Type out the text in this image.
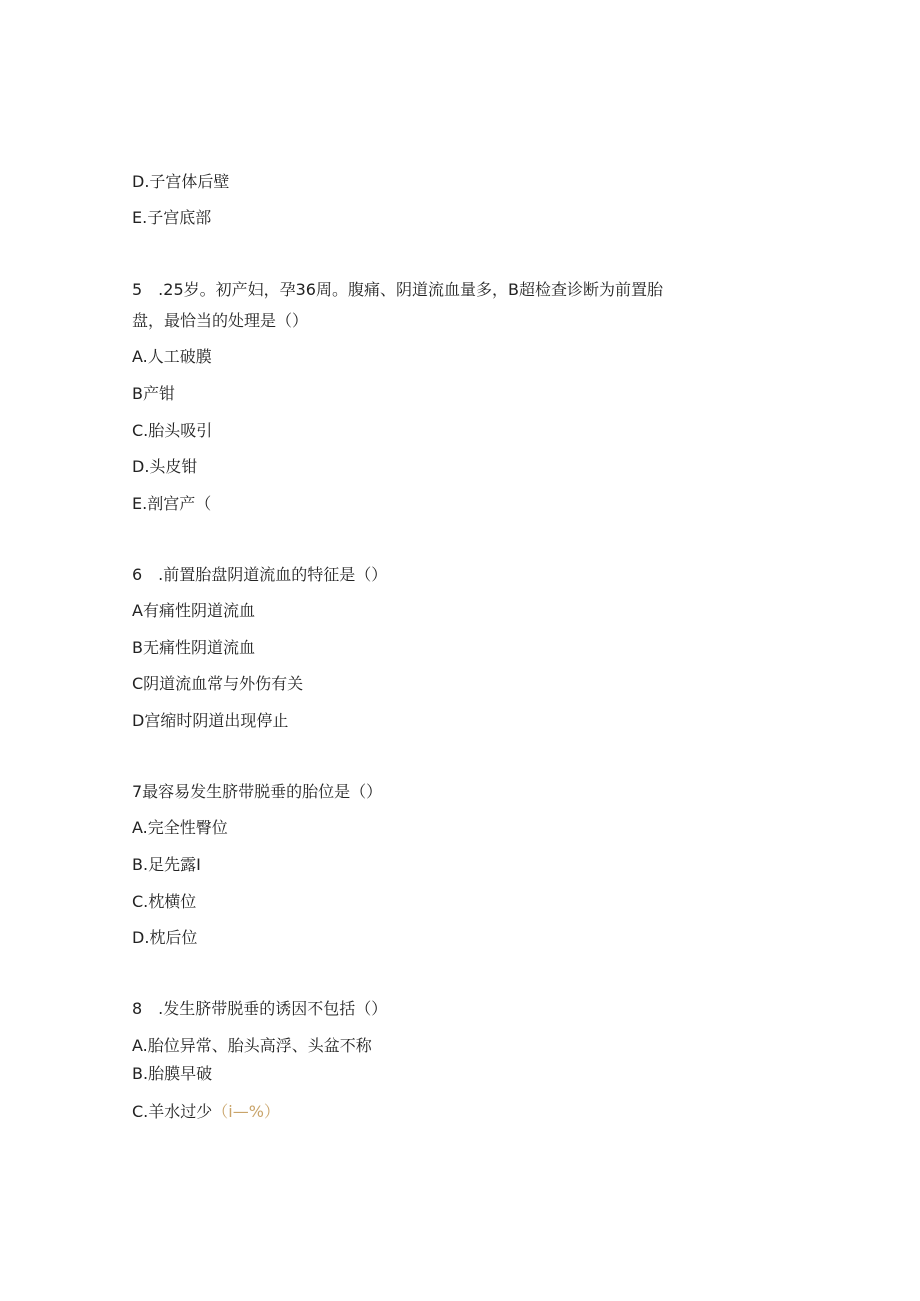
D.子宫体后壁
E.子宫底部
5　.25岁。初产妇，孕36周。腹痛、阴道流血量多，B超检查诊断为前置胎
盘，最恰当的处理是（）
A.人工破膜
B产钳
C.胎头吸引
D.头皮钳
E.剖宫产（
6　.前置胎盘阴道流血的特征是（）
A有痛性阴道流血
B无痛性阴道流血
C阴道流血常与外伤有关
D宫缩时阴道出现停止
7最容易发生脐带脱垂的胎位是（）
A.完全性臀位
B.足先露I
C.枕横位
D.枕后位
8　.发生脐带脱垂的诱因不包括（）
A.胎位异常、胎头高浮、头盆不称
B.胎膜早破
C.羊水过少（i—%）
